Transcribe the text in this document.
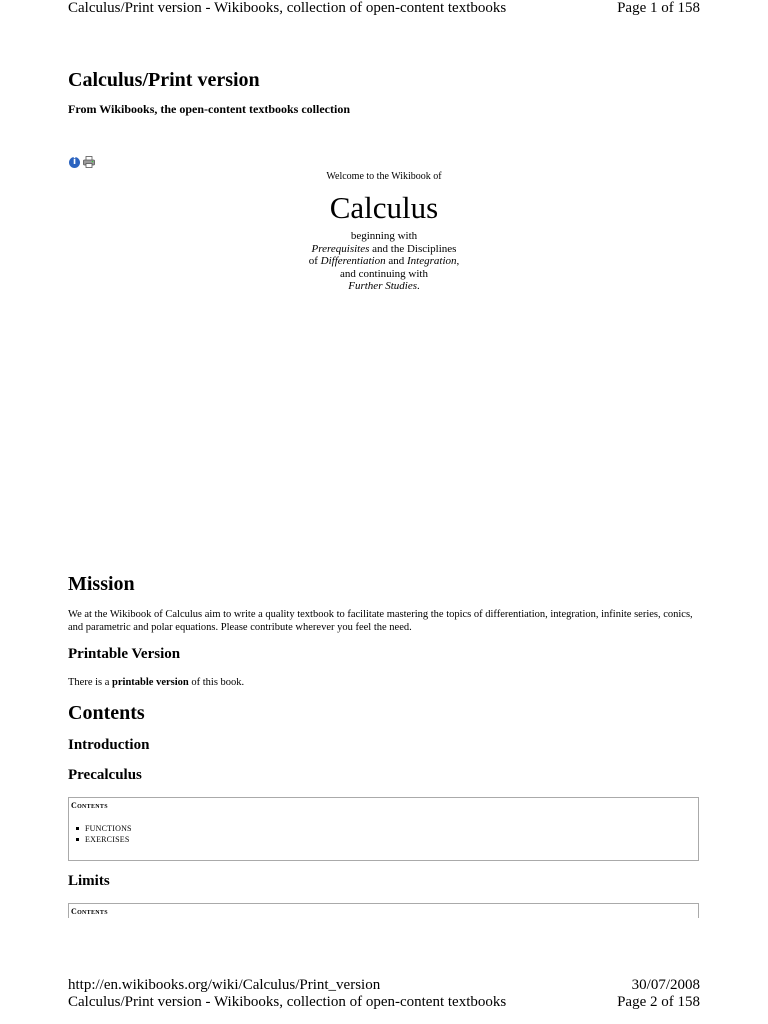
Calculus/Print version - Wikibooks, collection of open-content textbooks	Page 1 of 158
Calculus/Print version
From Wikibooks, the open-content textbooks collection
i
Welcome to the Wikibook of
Calculus
beginning with
Prerequisites and the Disciplines
of Differentiation and Integration,
and continuing with
Further Studies.
Mission
We at the Wikibook of Calculus aim to write a quality textbook to facilitate mastering the topics of differentiation, integration, infinite series, conics, and parametric and polar equations. Please contribute wherever you feel the need.
Printable Version
There is a printable version of this book.
Contents
Introduction
Precalculus
Contents
FUNCTIONS
EXERCISES
Limits
Contents
http://en.wikibooks.org/wiki/Calculus/Print_version	30/07/2008
Calculus/Print version - Wikibooks, collection of open-content textbooks	Page 2 of 158
